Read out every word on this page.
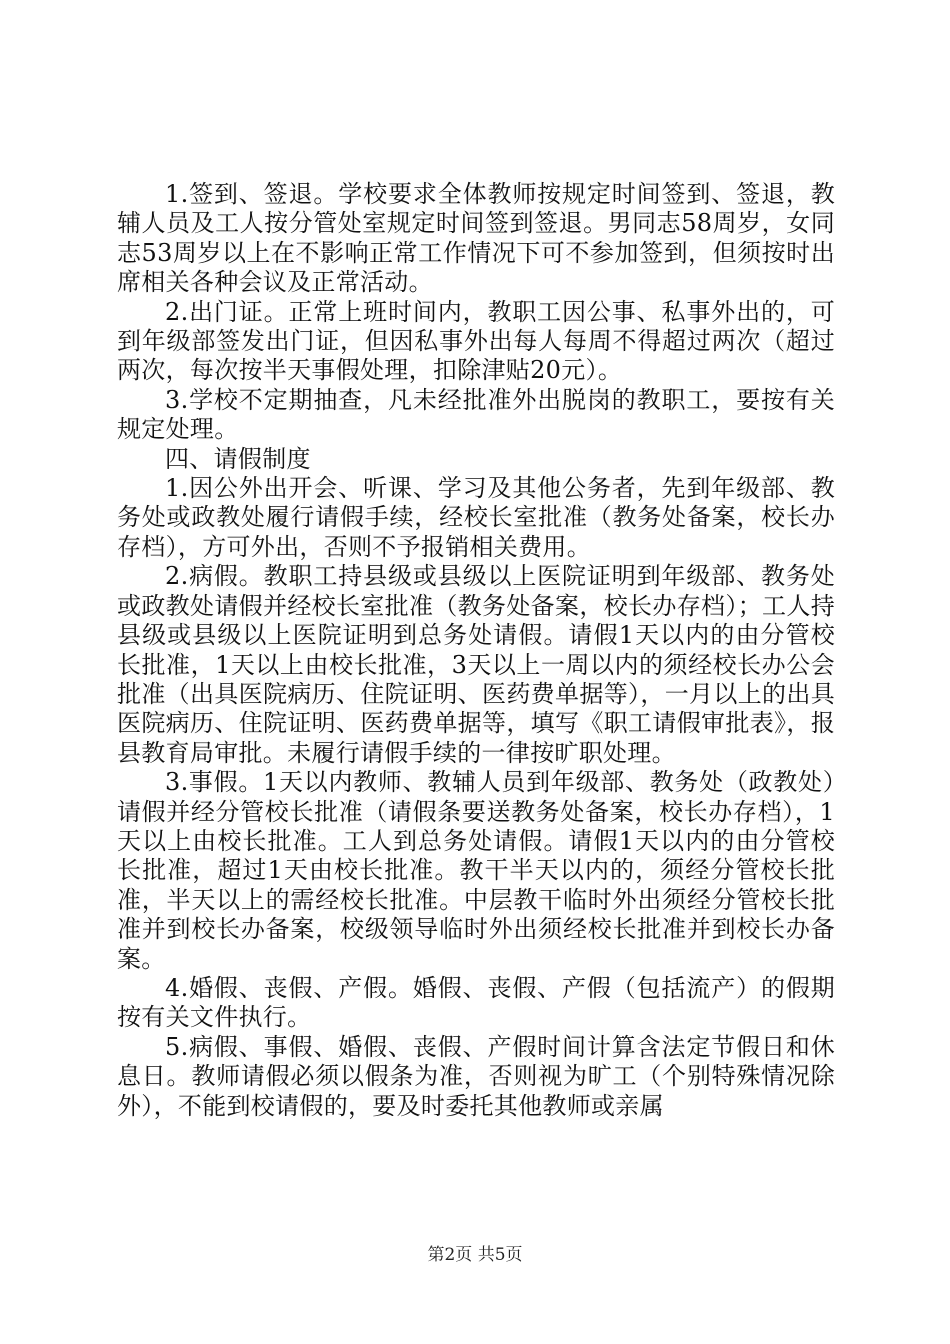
1.签到、签退。学校要求全体教师按规定时间签到、签退，教辅人员及工人按分管处室规定时间签到签退。男同志58周岁，女同志53周岁以上在不影响正常工作情况下可不参加签到，但须按时出席相关各种会议及正常活动。

2.出门证。正常上班时间内，教职工因公事、私事外出的，可到年级部签发出门证，但因私事外出每人每周不得超过两次（超过两次，每次按半天事假处理，扣除津贴20元）。

3.学校不定期抽查，凡未经批准外出脱岗的教职工，要按有关规定处理。

四、请假制度

1.因公外出开会、听课、学习及其他公务者，先到年级部、教务处或政教处履行请假手续，经校长室批准（教务处备案，校长办存档），方可外出，否则不予报销相关费用。

2.病假。教职工持县级或县级以上医院证明到年级部、教务处或政教处请假并经校长室批准（教务处备案，校长办存档）；工人持县级或县级以上医院证明到总务处请假。请假1天以内的由分管校长批准，1天以上由校长批准，3天以上一周以内的须经校长办公会批准（出具医院病历、住院证明、医药费单据等），一月以上的出具医院病历、住院证明、医药费单据等，填写《职工请假审批表》，报县教育局审批。未履行请假手续的一律按旷职处理。

3.事假。1天以内教师、教辅人员到年级部、教务处（政教处）请假并经分管校长批准（请假条要送教务处备案，校长办存档），1天以上由校长批准。工人到总务处请假。请假1天以内的由分管校长批准，超过1天由校长批准。教干半天以内的，须经分管校长批准，半天以上的需经校长批准。中层教干临时外出须经分管校长批准并到校长办备案，校级领导临时外出须经校长批准并到校长办备案。

4.婚假、丧假、产假。婚假、丧假、产假（包括流产）的假期按有关文件执行。

5.病假、事假、婚假、丧假、产假时间计算含法定节假日和休息日。教师请假必须以假条为准，否则视为旷工（个别特殊情况除外），不能到校请假的，要及时委托其他教师或亲属

第2页 共5页
